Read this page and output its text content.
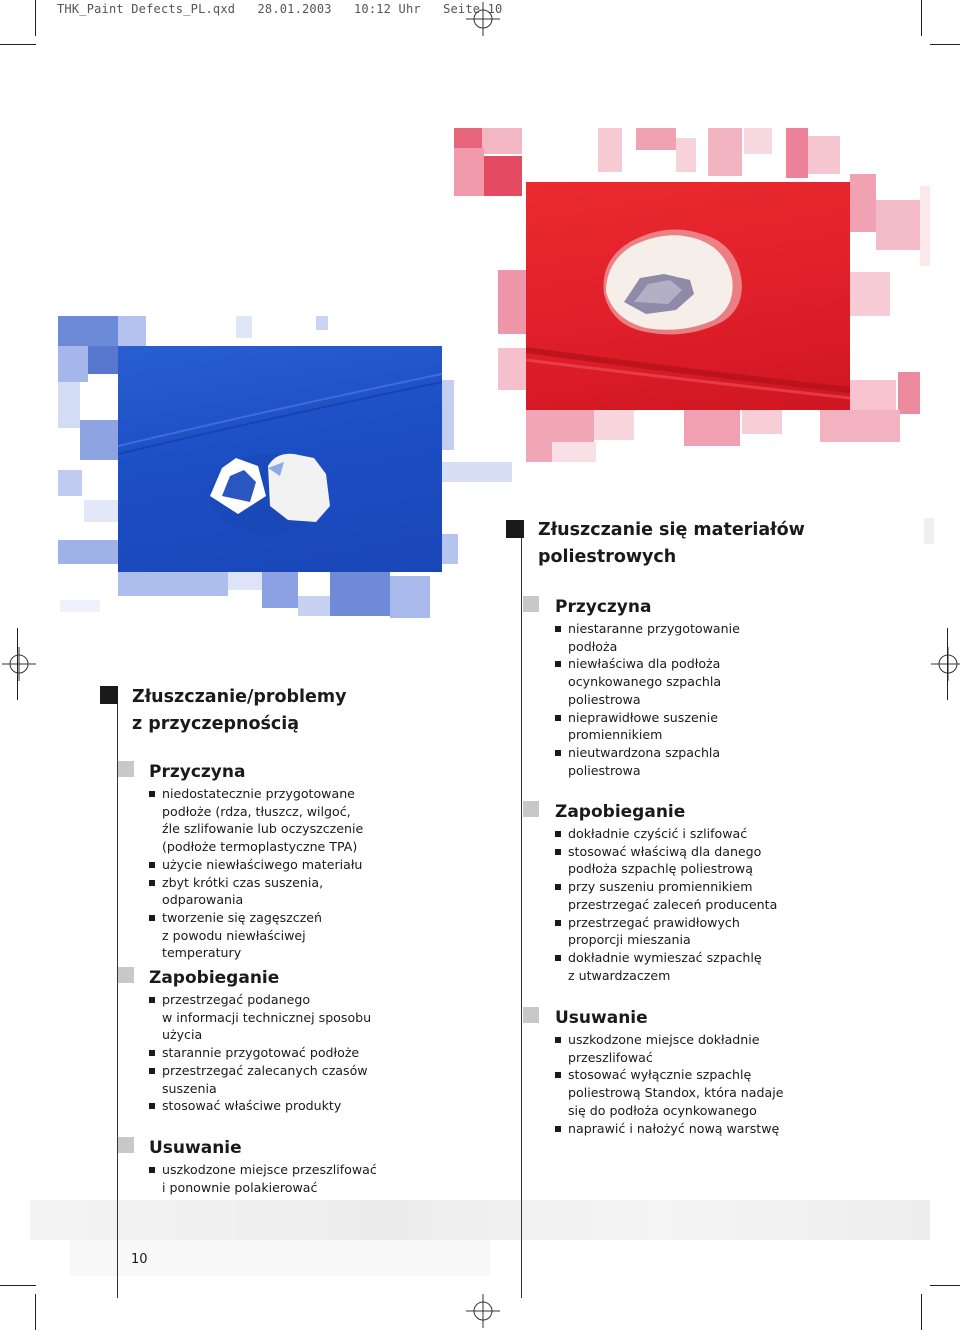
THK_Paint Defects_PL.qxd   28.01.2003   10:12 Uhr   Seite 10
Złuszczanie/problemy
z przyczepnością
Przyczyna
niedostatecznie przygotowane
podłoże (rdza, tłuszcz, wilgoć,
źle szlifowanie lub oczyszczenie
(podłoże termoplastyczne TPA)
użycie niewłaściwego materiału
zbyt krótki czas suszenia,
odparowania
tworzenie się zagęszczeń
z powodu niewłaściwej temperatury
Zapobieganie
przestrzegać podanego
w informacji technicznej sposobu
użycia
starannie przygotować podłoże
przestrzegać zalecanych czasów
suszenia
stosować właściwe produkty
Usuwanie
uszkodzone miejsce przeszlifować
i ponownie polakierować
Złuszczanie się materiałów
poliestrowych
Przyczyna
niestaranne przygotowanie
podłoża
niewłaściwa dla podłoża
ocynkowanego szpachla
poliestrowa
nieprawidłowe suszenie
promiennikiem
nieutwardzona szpachla
poliestrowa
Zapobieganie
dokładnie czyścić i szlifować
stosować właściwą dla danego
podłoża szpachlę poliestrową
przy suszeniu promiennikiem
przestrzegać zaleceń producenta
przestrzegać prawidłowych
proporcji mieszania
dokładnie wymieszać szpachlę
z utwardzaczem
Usuwanie
uszkodzone miejsce dokładnie
przeszlifować
stosować wyłącznie szpachlę
poliestrową Standox, która nadaje
się do podłoża ocynkowanego
naprawić i nałożyć nową warstwę
10
